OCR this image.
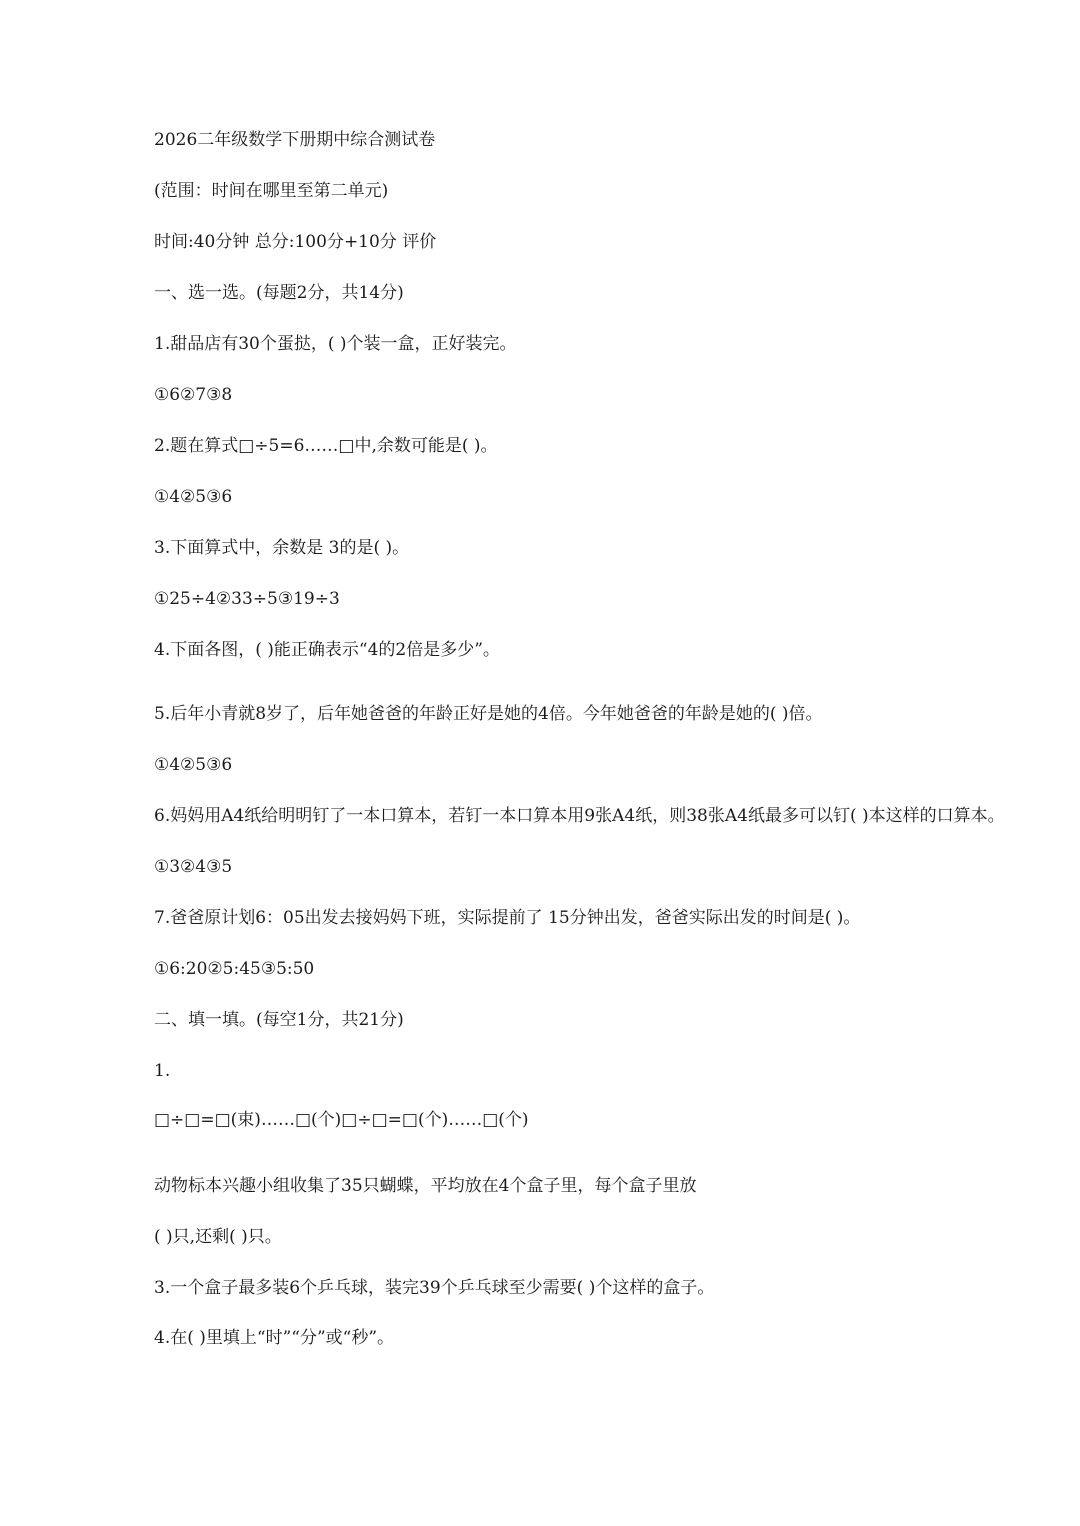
2026二年级数学下册期中综合测试卷
(范围：时间在哪里至第二单元)
时间:40分钟 总分:100分+10分 评价
一、选一选。(每题2分，共14分)
1.甜品店有30个蛋挞，( )个装一盒，正好装完。
①6②7③8
2.题在算式□÷5=6……□中,余数可能是( )。
①4②5③6
3.下面算式中，余数是 3的是( )。
①25÷4②33÷5③19÷3
4.下面各图，( )能正确表示“4的2倍是多少”。
5.后年小青就8岁了，后年她爸爸的年龄正好是她的4倍。今年她爸爸的年龄是她的( )倍。
①4②5③6
6.妈妈用A4纸给明明钉了一本口算本，若钉一本口算本用9张A4纸，则38张A4纸最多可以钉( )本这样的口算本。
①3②4③5
7.爸爸原计划6：05出发去接妈妈下班，实际提前了 15分钟出发，爸爸实际出发的时间是( )。
①6:20②5:45③5:50
二、填一填。(每空1分，共21分)
1.
□÷□=□(束)……□(个)□÷□=□(个)……□(个)
动物标本兴趣小组收集了35只蝴蝶，平均放在4个盒子里，每个盒子里放
( )只,还剩( )只。
3.一个盒子最多装6个乒乓球，装完39个乒乓球至少需要( )个这样的盒子。
4.在( )里填上“时”“分”或“秒”。
